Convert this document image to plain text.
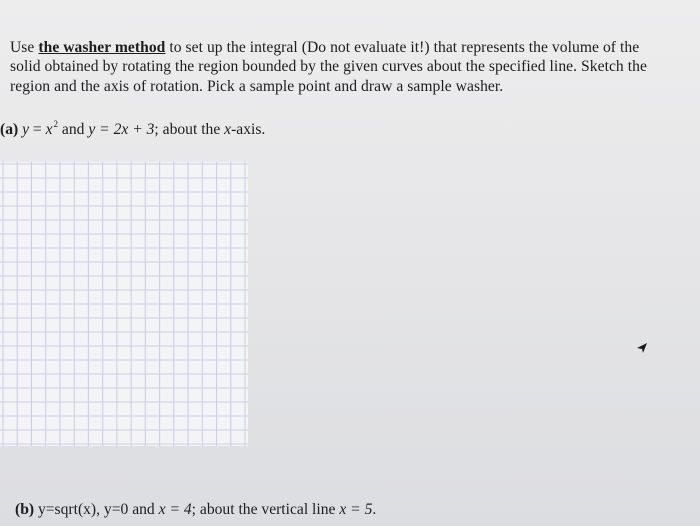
Use the washer method to set up the integral (Do not evaluate it!) that represents the volume of the solid obtained by rotating the region bounded by the given curves about the specified line. Sketch the region and the axis of rotation. Pick a sample point and draw a sample washer.

(a) $y = x^2$ and y = 2x + 3; about the x-axis.
(b) y=sqrt(x), y=0 and x = 4; about the vertical line x = 5.
